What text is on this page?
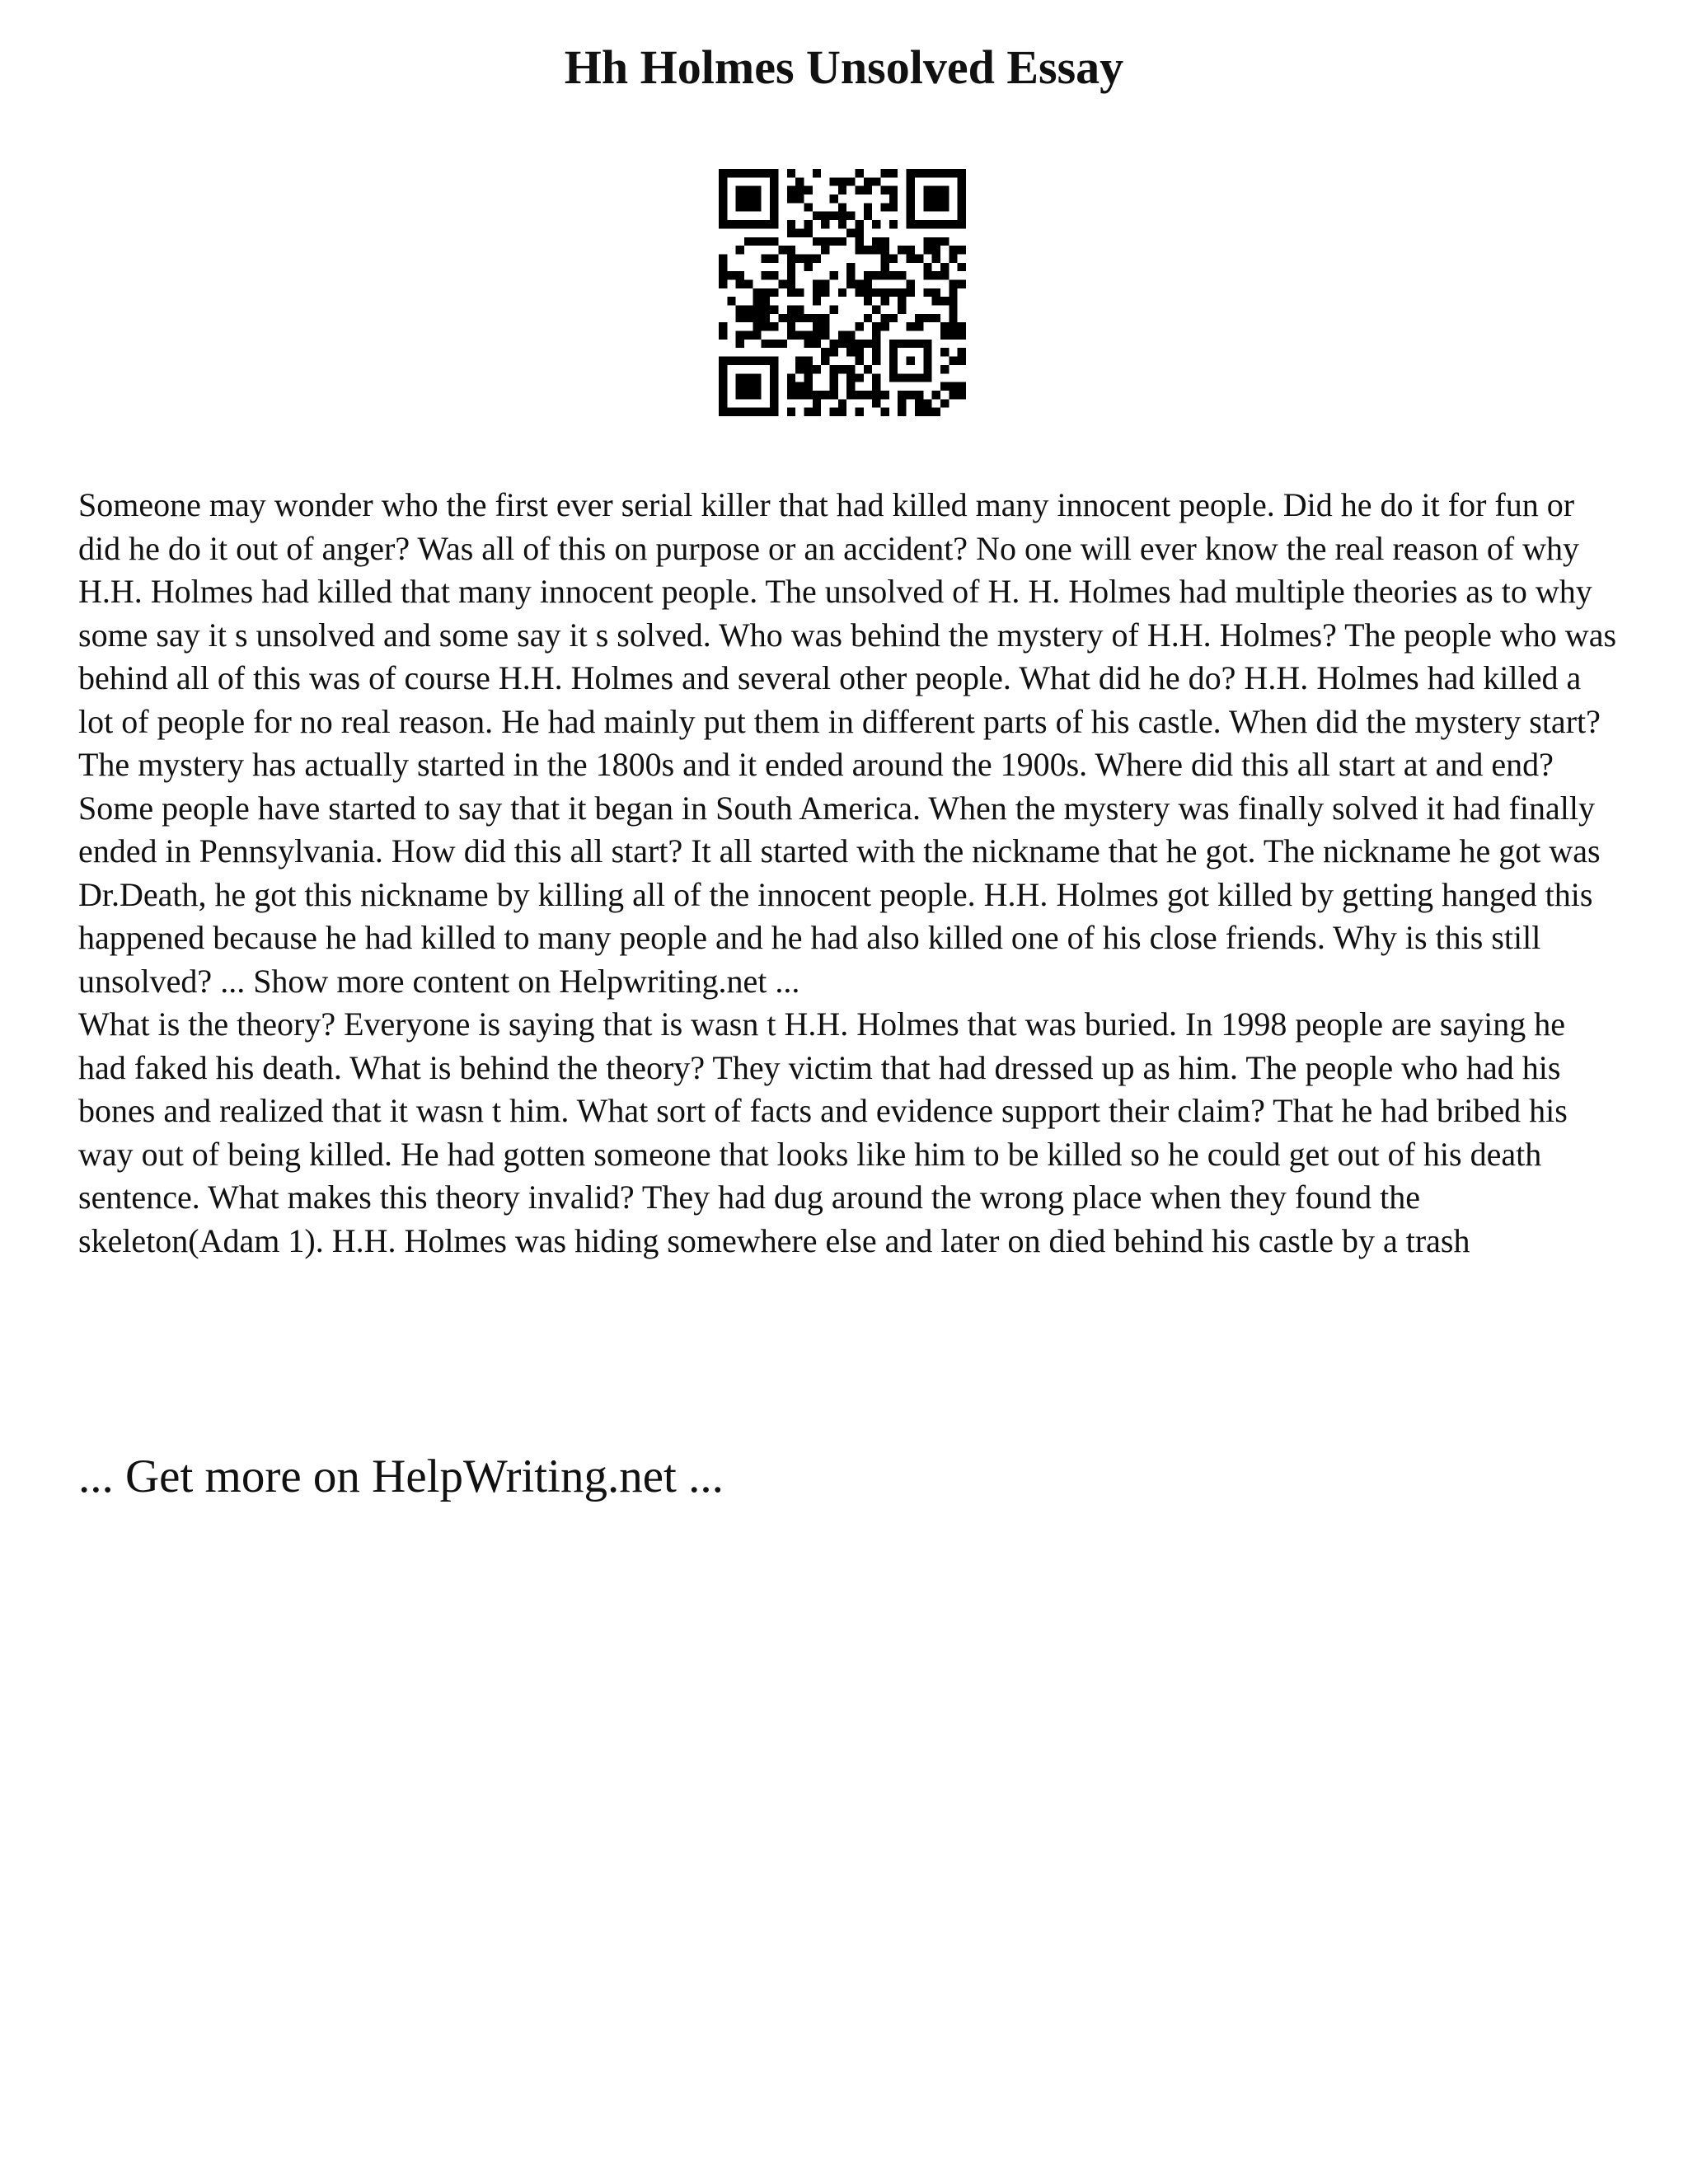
Hh Holmes Unsolved Essay

Someone may wonder who the first ever serial killer that had killed many innocent people. Did he do it for fun or did he do it out of anger? Was all of this on purpose or an accident? No one will ever know the real reason of why H.H. Holmes had killed that many innocent people. The unsolved of H. H. Holmes had multiple theories as to why some say it s unsolved and some say it s solved. Who was behind the mystery of H.H. Holmes? The people who was behind all of this was of course H.H. Holmes and several other people. What did he do? H.H. Holmes had killed a lot of people for no real reason. He had mainly put them in different parts of his castle. When did the mystery start? The mystery has actually started in the 1800s and it ended around the 1900s. Where did this all start at and end? Some people have started to say that it began in South America. When the mystery was finally solved it had finally ended in Pennsylvania. How did this all start? It all started with the nickname that he got. The nickname he got was Dr.Death, he got this nickname by killing all of the innocent people. H.H. Holmes got killed by getting hanged this happened because he had killed to many people and he had also killed one of his close friends. Why is this still unsolved? ... Show more content on Helpwriting.net ...

What is the theory? Everyone is saying that is wasn t H.H. Holmes that was buried. In 1998 people are saying he had faked his death. What is behind the theory? They victim that had dressed up as him. The people who had his bones and realized that it wasn t him. What sort of facts and evidence support their claim? That he had bribed his way out of being killed. He had gotten someone that looks like him to be killed so he could get out of his death sentence. What makes this theory invalid? They had dug around the wrong place when they found the skeleton(Adam 1). H.H. Holmes was hiding somewhere else and later on died behind his castle by a trash

... Get more on HelpWriting.net ...
